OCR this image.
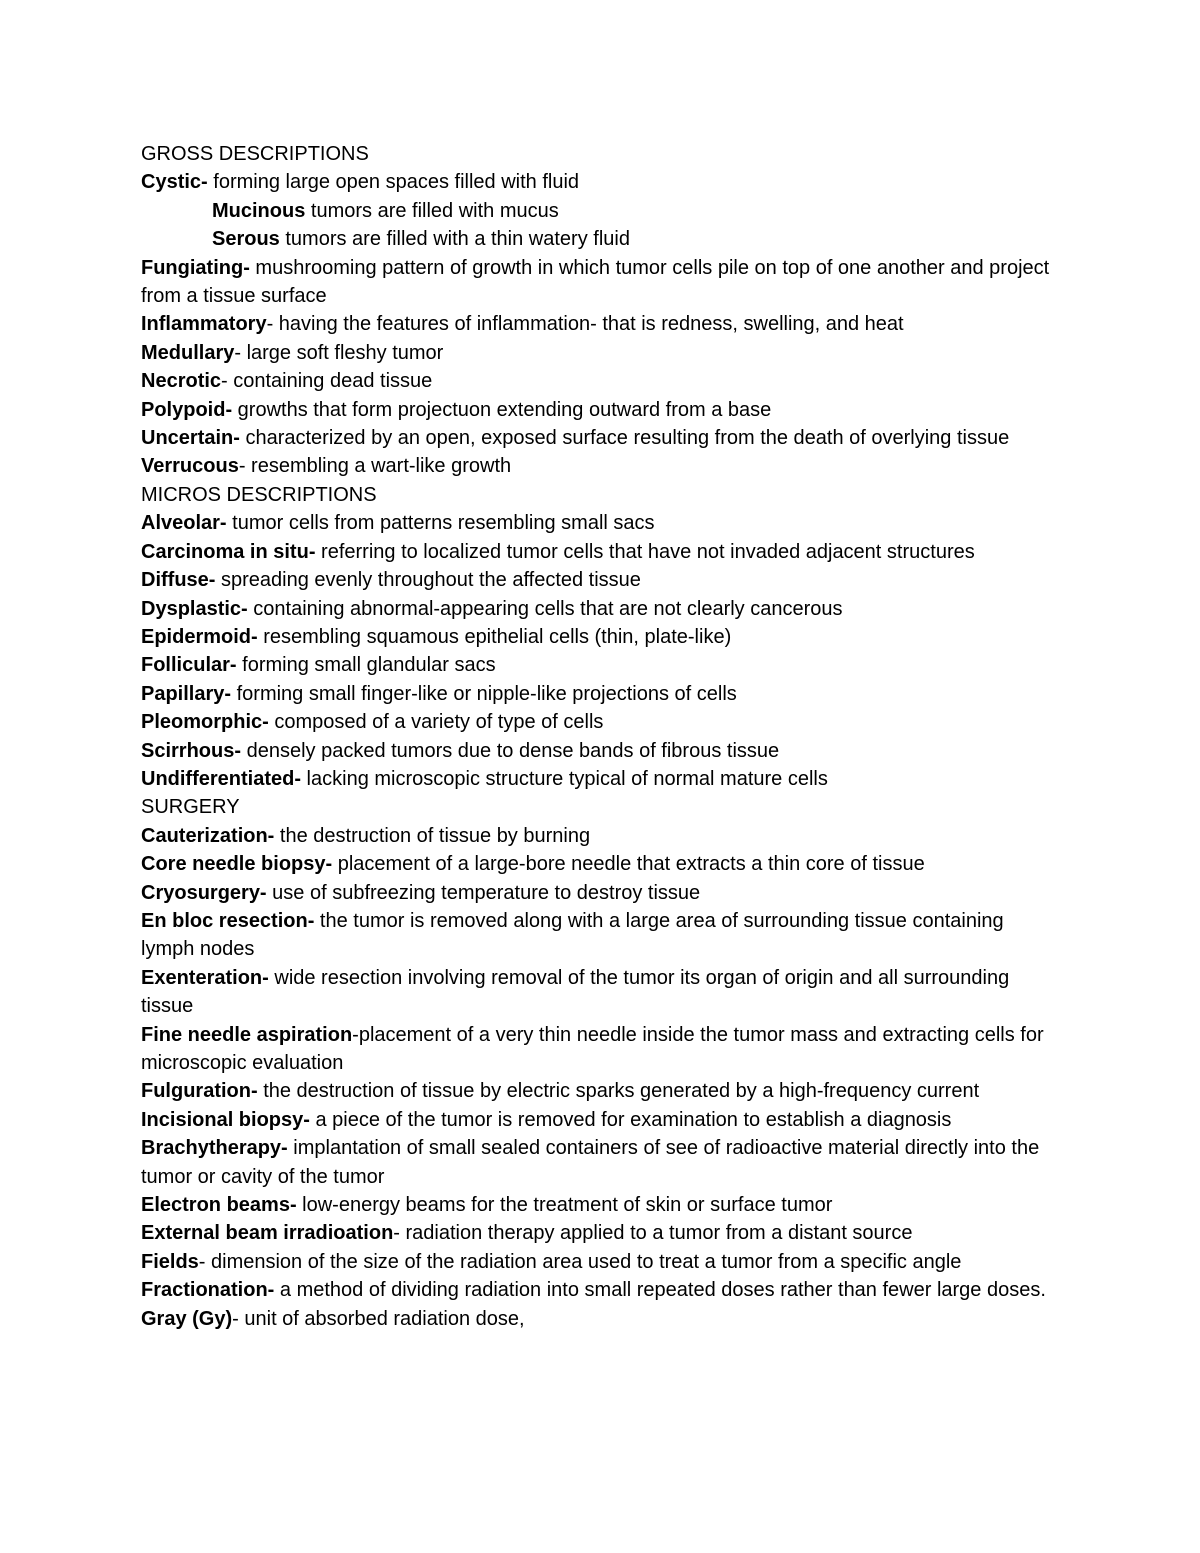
GROSS DESCRIPTIONS

Cystic- forming large open spaces filled with fluid

Mucinous tumors are filled with mucus

Serous tumors are filled with a thin watery fluid

Fungiating- mushrooming pattern of growth in which tumor cells pile on top of one another and project from a tissue surface

Inflammatory- having the features of inflammation- that is redness, swelling, and heat

Medullary- large soft fleshy tumor

Necrotic- containing dead tissue

Polypoid- growths that form projectuon extending outward from a base

Uncertain- characterized by an open, exposed surface resulting from the death of overlying tissue

Verrucous- resembling a wart-like growth

MICROS DESCRIPTIONS

Alveolar- tumor cells from patterns resembling small sacs

Carcinoma in situ- referring to localized tumor cells that have not invaded adjacent structures

Diffuse- spreading evenly throughout the affected tissue

Dysplastic- containing abnormal-appearing cells that are not clearly cancerous

Epidermoid- resembling squamous epithelial cells (thin, plate-like)

Follicular- forming small glandular sacs

Papillary- forming small finger-like or nipple-like projections of cells

Pleomorphic- composed of a variety of type of cells

Scirrhous- densely packed tumors due to dense bands of fibrous tissue

Undifferentiated- lacking microscopic structure typical of normal mature cells

SURGERY

Cauterization- the destruction of tissue by burning

Core needle biopsy- placement of a large-bore needle that extracts a thin core of tissue

Cryosurgery- use of subfreezing temperature to destroy tissue

En bloc resection- the tumor is removed along with a large area of surrounding tissue containing lymph nodes

Exenteration- wide resection involving removal of the tumor its organ of origin and all surrounding tissue

Fine needle aspiration-placement of a very thin needle inside the tumor mass and extracting cells for microscopic evaluation

Fulguration- the destruction of tissue by electric sparks generated by a high-frequency current

Incisional biopsy- a piece of the tumor is removed for examination to establish a diagnosis

Brachytherapy- implantation of small sealed containers of see of radioactive material directly into the tumor or cavity of the tumor

Electron beams- low-energy beams for the treatment of skin or surface tumor

External beam irradioation- radiation therapy applied to a tumor from a distant source

Fields- dimension of the size of the radiation area used to treat a tumor from a specific angle

Fractionation- a method of dividing radiation into small repeated doses rather than fewer large doses.

Gray (Gy)- unit of absorbed radiation dose,
